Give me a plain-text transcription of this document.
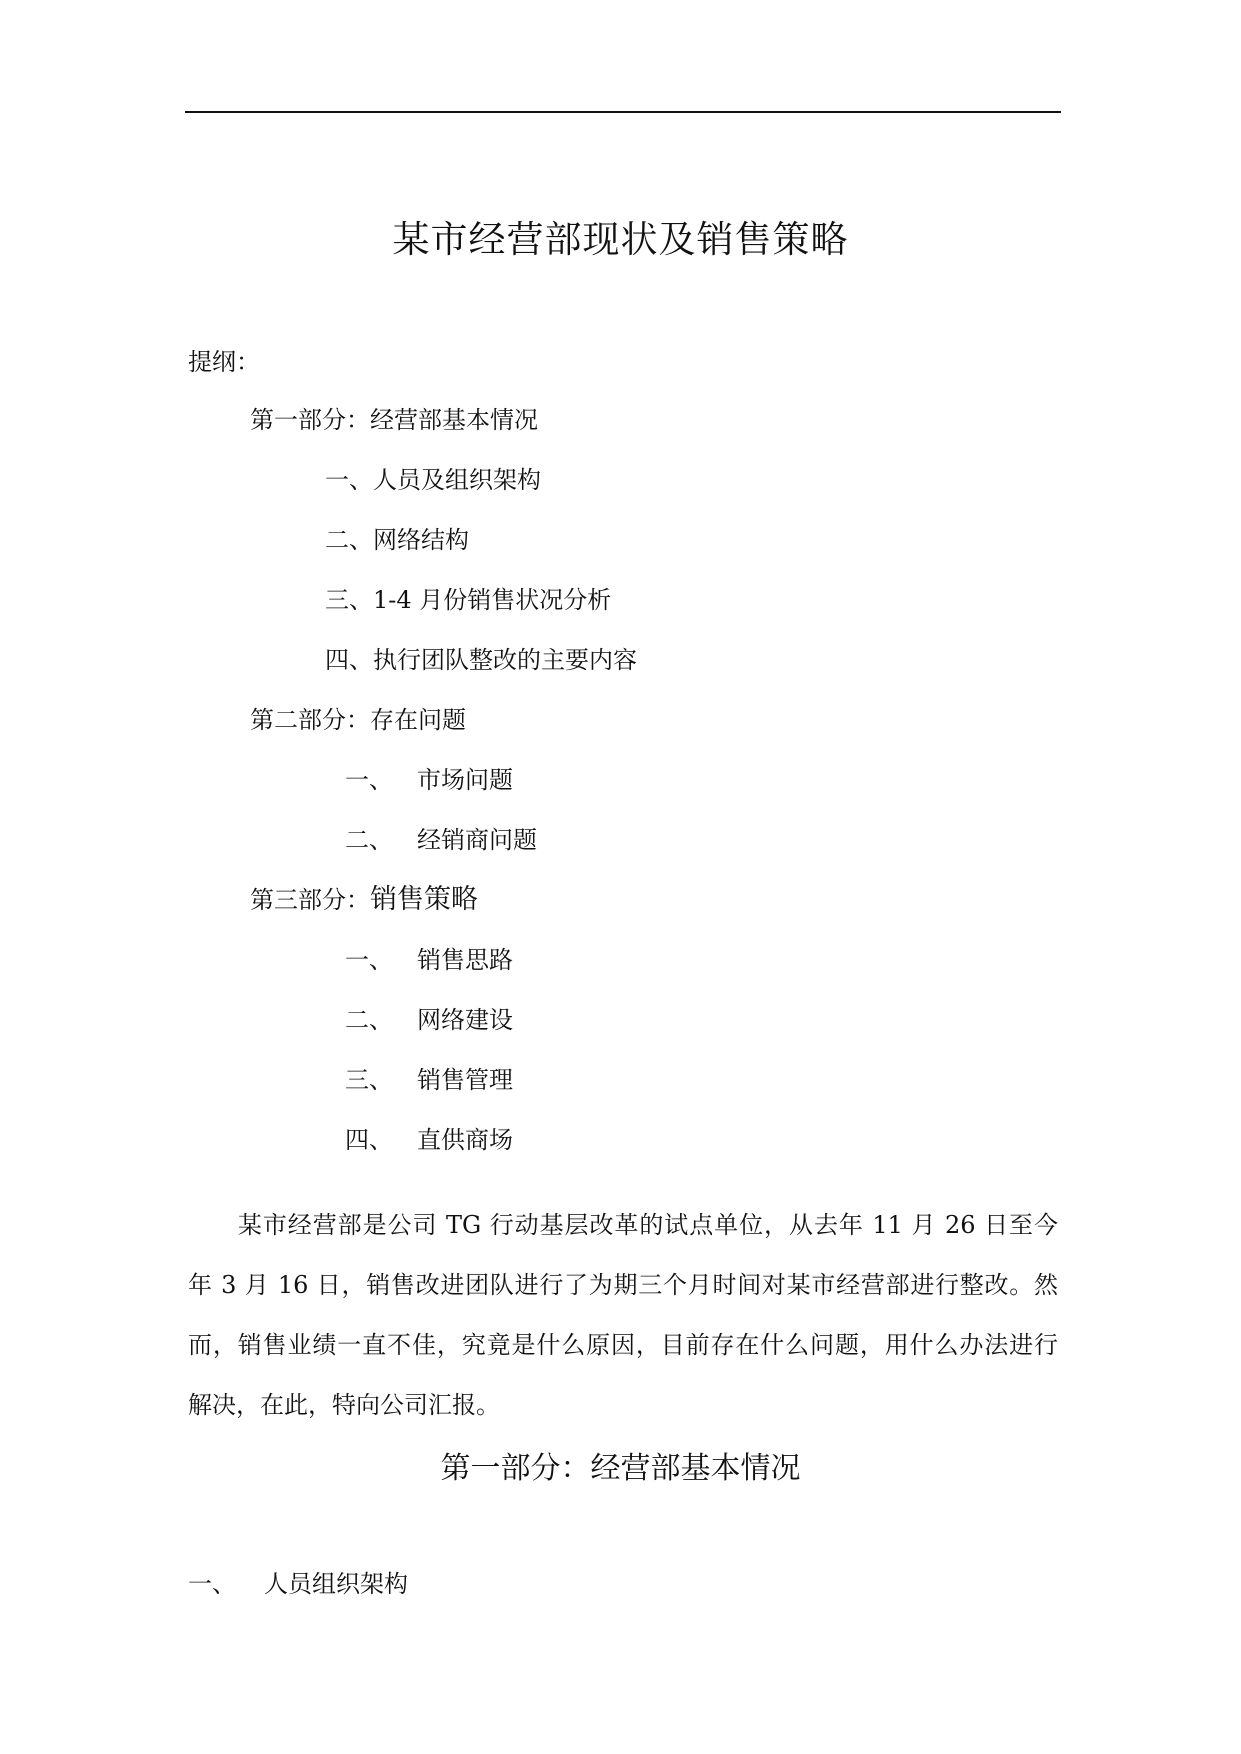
某市经营部现状及销售策略
提纲：
第一部分：经营部基本情况
一、人员及组织架构
二、网络结构
三、1-4 月份销售状况分析
四、执行团队整改的主要内容
第二部分：存在问题
一、 市场问题
二、 经销商问题
第三部分：销售策略
一、 销售思路
二、 网络建设
三、 销售管理
四、 直供商场
　　某市经营部是公司 TG 行动基层改革的试点单位，从去年 11 月 26 日至今
年 3 月 16 日，销售改进团队进行了为期三个月时间对某市经营部进行整改。然
而，销售业绩一直不佳，究竟是什么原因，目前存在什么问题，用什么办法进行
解决，在此，特向公司汇报。
第一部分：经营部基本情况
一、 人员组织架构
